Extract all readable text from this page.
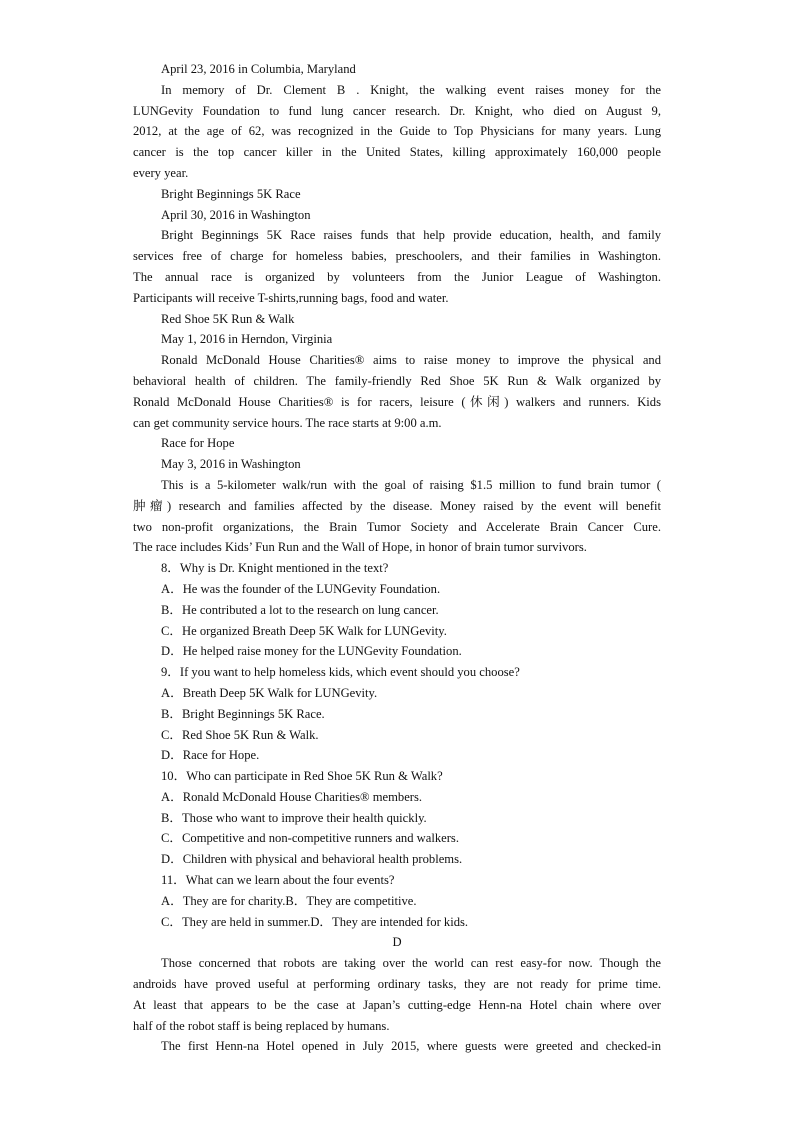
April 23, 2016 in Columbia, Maryland
In memory of Dr. Clement B . Knight, the walking event raises money for the
LUNGevity Foundation to fund lung cancer research. Dr. Knight, who died on August 9,
2012, at the age of 62, was recognized in the Guide to Top Physicians for many years. Lung
cancer is the top cancer killer in the United States, killing approximately 160,000 people
every year.
Bright Beginnings 5K Race
April 30, 2016 in Washington
Bright Beginnings 5K Race raises funds that help provide education, health, and family
services free of charge for homeless babies, preschoolers, and their families in Washington.
The annual race is organized by volunteers from the Junior League of Washington.
Participants will receive T-shirts,running bags, food and water.
Red Shoe 5K Run & Walk
May 1, 2016 in Herndon, Virginia
Ronald McDonald House Charities® aims to raise money to improve the physical and
behavioral health of children. The family-friendly Red Shoe 5K Run & Walk organized by
Ronald McDonald House Charities® is for racers, leisure (休闲) walkers and runners. Kids
can get community service hours. The race starts at 9:00 a.m.
Race for Hope
May 3, 2016 in Washington
This is a 5-kilometer walk/run with the goal of raising $1.5 million to fund brain tumor (
肿瘤) research and families affected by the disease. Money raised by the event will benefit
two non-profit organizations, the Brain Tumor Society and Accelerate Brain Cancer Cure.
The race includes Kids’ Fun Run and the Wall of Hope, in honor of brain tumor survivors.
8．Why is Dr. Knight mentioned in the text?
A．He was the founder of the LUNGevity Foundation.
B．He contributed a lot to the research on lung cancer.
C．He organized Breath Deep 5K Walk for LUNGevity.
D．He helped raise money for the LUNGevity Foundation.
9．If you want to help homeless kids, which event should you choose?
A．Breath Deep 5K Walk for LUNGevity.
B．Bright Beginnings 5K Race.
C．Red Shoe 5K Run & Walk.
D．Race for Hope.
10．Who can participate in Red Shoe 5K Run & Walk?
A．Ronald McDonald House Charities® members.
B．Those who want to improve their health quickly.
C．Competitive and non-competitive runners and walkers.
D．Children with physical and behavioral health problems.
11．What can we learn about the four events?
A．They are for charity.B．They are competitive.
C．They are held in summer.D．They are intended for kids.
D
Those concerned that robots are taking over the world can rest easy-for now. Though the
androids have proved useful at performing ordinary tasks, they are not ready for prime time.
At least that appears to be the case at Japan’s cutting-edge Henn-na Hotel chain where over
half of the robot staff is being replaced by humans.
The first Henn-na Hotel opened in July 2015, where guests were greeted and checked-in
